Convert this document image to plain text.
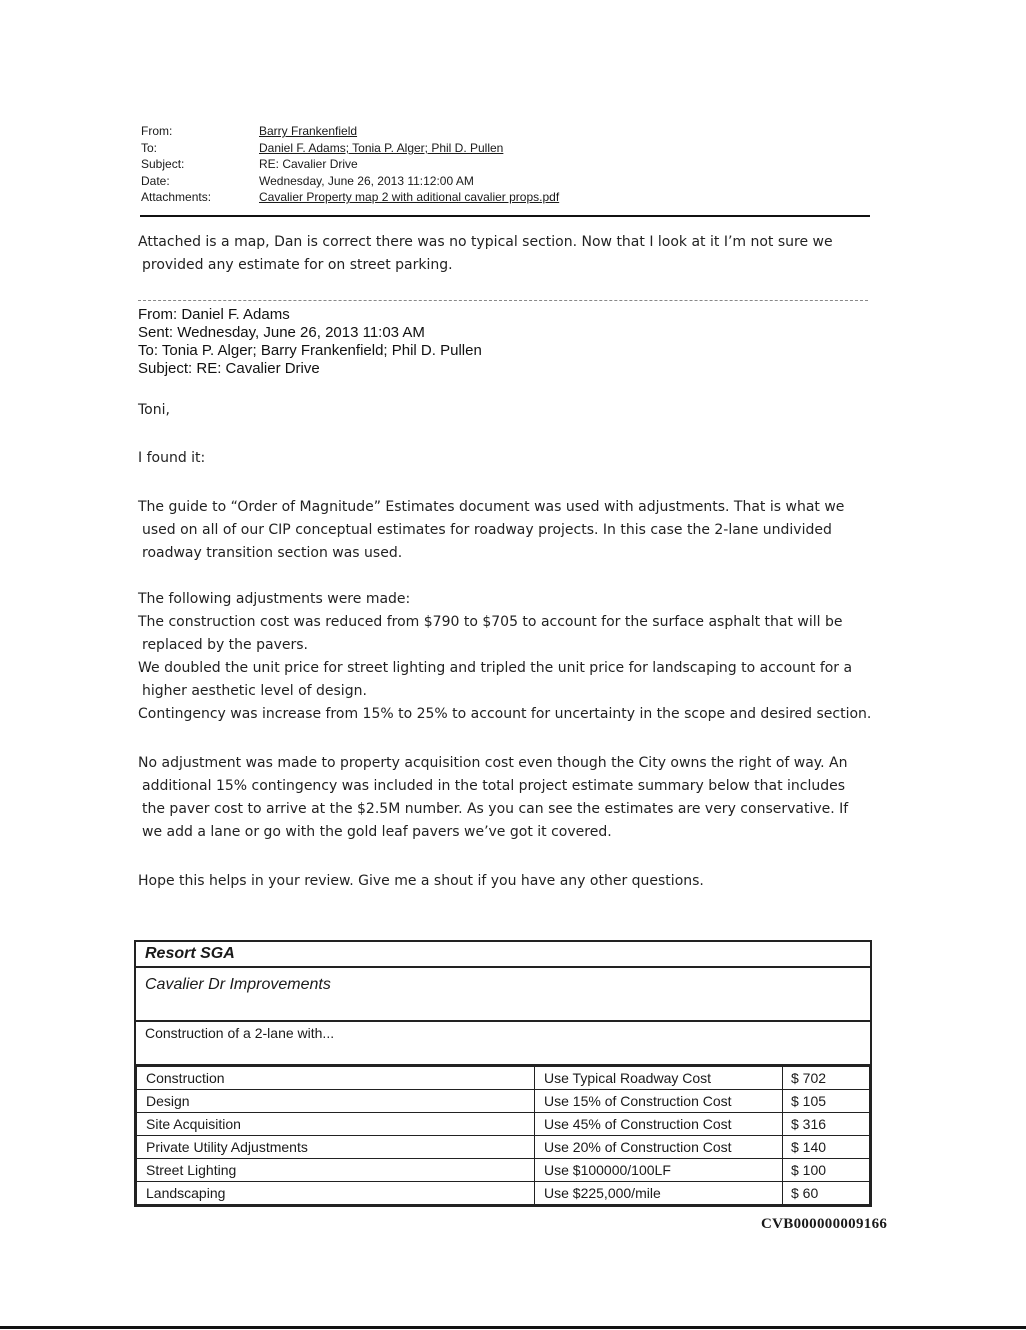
From:	Barry Frankenfield
To:	Daniel F. Adams; Tonia P. Alger; Phil D. Pullen
Subject:	RE: Cavalier Drive
Date:	Wednesday, June 26, 2013 11:12:00 AM
Attachments:	Cavalier Property map 2 with aditional cavalier props.pdf

Attached is a map, Dan is correct there was no typical section. Now that I look at it I’m not sure we

provided any estimate for on street parking.

From: Daniel F. Adams
Sent: Wednesday, June 26, 2013 11:03 AM
To: Tonia P. Alger; Barry Frankenfield; Phil D. Pullen
Subject: RE: Cavalier Drive
Toni,
I found it:

The guide to “Order of Magnitude” Estimates document was used with adjustments. That is what we

used on all of our CIP conceptual estimates for roadway projects. In this case the 2-lane undivided

roadway transition section was used.

The following adjustments were made:

The construction cost was reduced from $790 to $705 to account for the surface asphalt that will be

replaced by the pavers.

We doubled the unit price for street lighting and tripled the unit price for landscaping to account for a

higher aesthetic level of design.

Contingency was increase from 15% to 25% to account for uncertainty in the scope and desired section.

No adjustment was made to property acquisition cost even though the City owns the right of way. An

additional 15% contingency was included in the total project estimate summary below that includes

the paver cost to arrive at the $2.5M number. As you can see the estimates are very conservative. If

we add a lane or go with the gold leaf pavers we’ve got it covered.

Hope this helps in your review. Give me a shout if you have any other questions.
Resort SGA
Cavalier Dr Improvements
Construction of a 2-lane with...
Construction	Use Typical Roadway Cost	$ 702
Design	Use 15% of Construction Cost	$ 105
Site Acquisition	Use 45% of Construction Cost	$ 316
Private Utility Adjustments	Use 20% of Construction Cost	$ 140
Street Lighting	Use $100000/100LF	$ 100
Landscaping	Use $225,000/mile	$ 60
CVB000000009166
